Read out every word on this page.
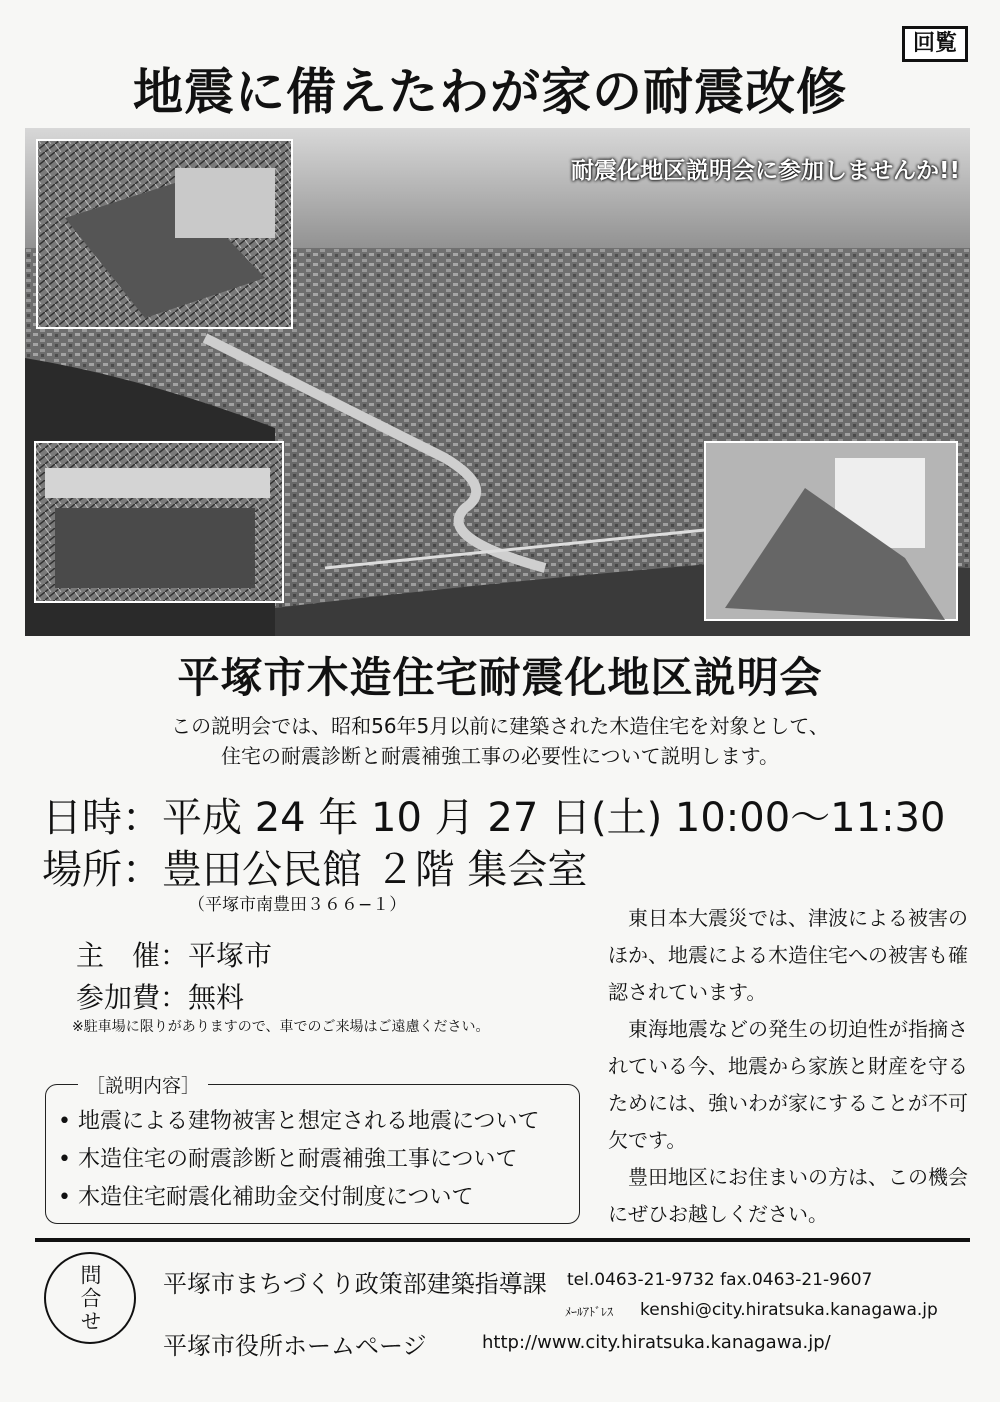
回覧
地震に備えたわが家の耐震改修
耐震化地区説明会に参加しませんか!!
平塚市木造住宅耐震化地区説明会
この説明会では、昭和56年5月以前に建築された木造住宅を対象として、
住宅の耐震診断と耐震補強工事の必要性について説明します。
日時：平成 24 年 10 月 27 日(土) 10:00〜11:30
場所：豊田公民館 ２階 集会室
（平塚市南豊田３６６−１）
主　催：平塚市
参加費：無料
※駐車場に限りがありますので、車でのご来場はご遠慮ください。

東日本大震災では、津波による被害のほか、地震による木造住宅への被害も確認されています。

東海地震などの発生の切迫性が指摘されている今、地震から家族と財産を守るためには、強いわが家にすることが不可欠です。

豊田地区にお住まいの方は、この機会にぜひお越しください。

［説明内容］
• 地震による建物被害と想定される地震について
• 木造住宅の耐震診断と耐震補強工事について
• 木造住宅耐震化補助金交付制度について
問合せ	平塚市まちづくり政策部建築指導課 tel.0463-21-9732 fax.0463-21-9607
ﾒｰﾙｱﾄﾞﾚｽ kenshi@city.hiratsuka.kanagawa.jp
平塚市役所ホームページ	http://www.city.hiratsuka.kanagawa.jp/
